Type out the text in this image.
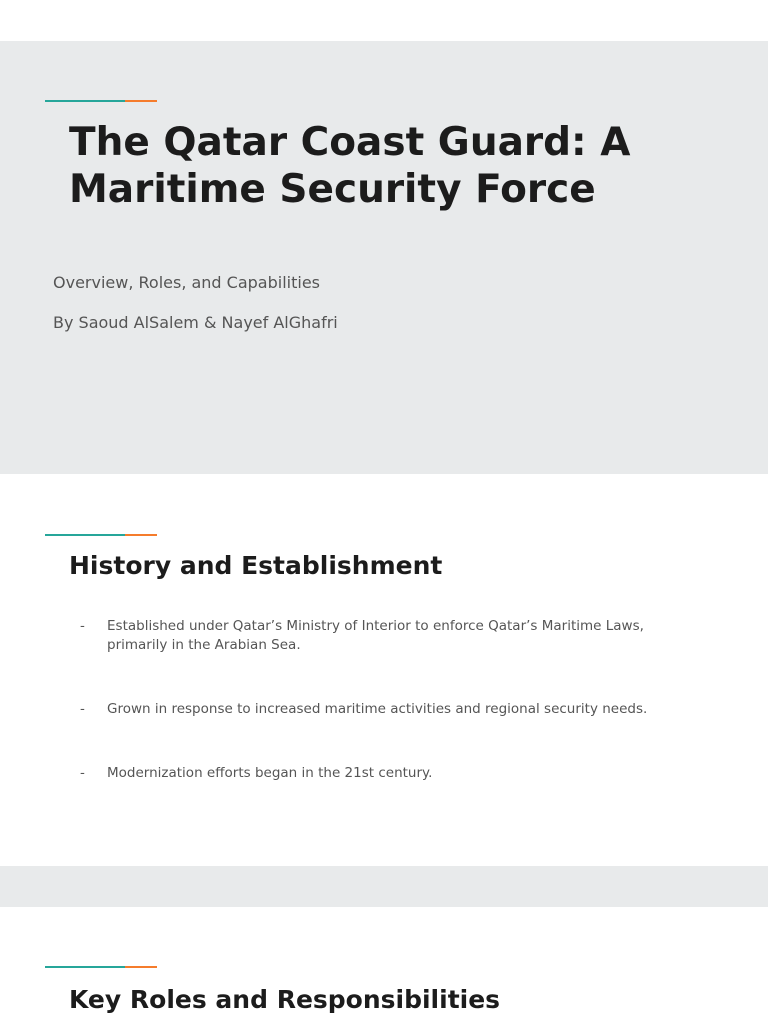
The Qatar Coast Guard: A Maritime Security Force

Overview, Roles, and Capabilities

By Saoud AlSalem & Nayef AlGhafri

History and Establishment
- Established under Qatar’s Ministry of Interior to enforce Qatar’s Maritime Laws, primarily in the Arabian Sea.
- Grown in response to increased maritime activities and regional security needs.
- Modernization efforts began in the 21st century.
Key Roles and Responsibilities
